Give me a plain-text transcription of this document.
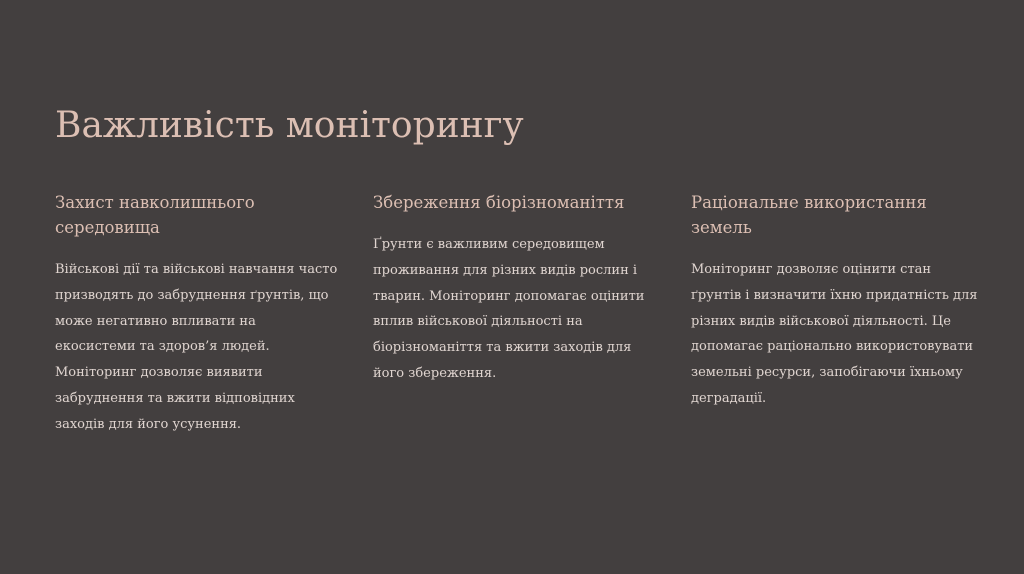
Важливість моніторингу
Захист навколишнього середовища

Військові дії та військові навчання часто призводять до забруднення ґрунтів, що може негативно впливати на екосистеми та здоров’я людей. Моніторинг дозволяє виявити забруднення та вжити відповідних заходів для його усунення.

Збереження біорізноманіття

Ґрунти є важливим середовищем проживання для різних видів рослин і тварин. Моніторинг допомагає оцінити вплив військової діяльності на біорізноманіття та вжити заходів для його збереження.

Раціональне використання земель

Моніторинг дозволяє оцінити стан ґрунтів і визначити їхню придатність для різних видів військової діяльності. Це допомагає раціонально використовувати земельні ресурси, запобігаючи їхньому деградації.
